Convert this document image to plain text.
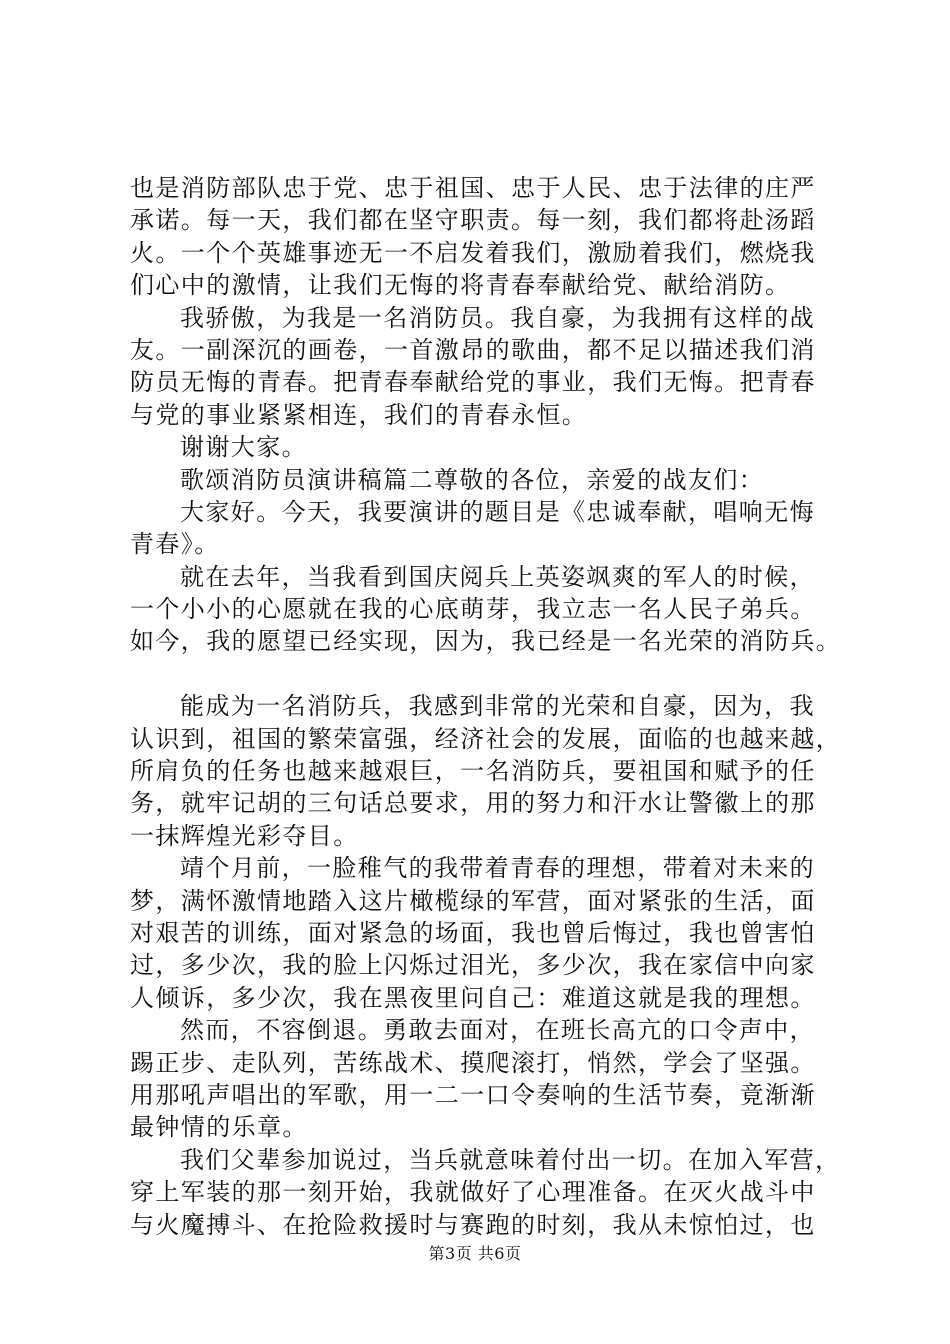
也是消防部队忠于党、忠于祖国、忠于人民、忠于法律的庄严
承诺。每一天，我们都在坚守职责。每一刻，我们都将赴汤蹈
火。一个个英雄事迹无一不启发着我们，激励着我们，燃烧我
们心中的激情，让我们无悔的将青春奉献给党、献给消防。
我骄傲，为我是一名消防员。我自豪，为我拥有这样的战
友。一副深沉的画卷，一首激昂的歌曲，都不足以描述我们消
防员无悔的青春。把青春奉献给党的事业，我们无悔。把青春
与党的事业紧紧相连，我们的青春永恒。
谢谢大家。
歌颂消防员演讲稿篇二尊敬的各位，亲爱的战友们：
大家好。今天，我要演讲的题目是《忠诚奉献，唱响无悔
青春》。
就在去年，当我看到国庆阅兵上英姿飒爽的军人的时候，
一个小小的心愿就在我的心底萌芽，我立志一名人民子弟兵。
如今，我的愿望已经实现，因为，我已经是一名光荣的消防兵。
能成为一名消防兵，我感到非常的光荣和自豪，因为，我
认识到，祖国的繁荣富强，经济社会的发展，面临的也越来越，
所肩负的任务也越来越艰巨，一名消防兵，要祖国和赋予的任
务，就牢记胡的三句话总要求，用的努力和汗水让警徽上的那
一抹辉煌光彩夺目。
靖个月前，一脸稚气的我带着青春的理想，带着对未来的
梦，满怀激情地踏入这片橄榄绿的军营，面对紧张的生活，面
对艰苦的训练，面对紧急的场面，我也曾后悔过，我也曾害怕
过，多少次，我的脸上闪烁过泪光，多少次，我在家信中向家
人倾诉，多少次，我在黑夜里问自己：难道这就是我的理想。
然而，不容倒退。勇敢去面对，在班长高亢的口令声中，
踢正步、走队列，苦练战术、摸爬滚打，悄然，学会了坚强。
用那吼声唱出的军歌，用一二一口令奏响的生活节奏，竟渐渐
最钟情的乐章。
我们父辈参加说过，当兵就意味着付出一切。在加入军营，
穿上军装的那一刻开始，我就做好了心理准备。在灭火战斗中
与火魔搏斗、在抢险救援时与赛跑的时刻，我从未惊怕过，也
第3页 共6页
